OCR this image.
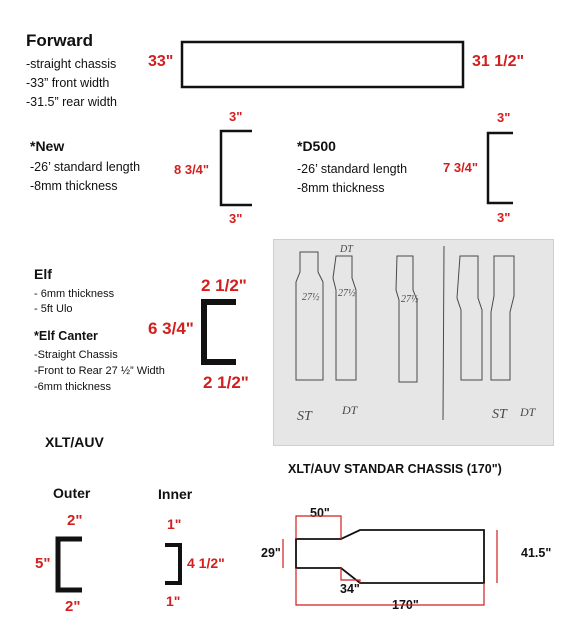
Forward
-straight chassis
-33” front width
-31.5” rear width
33"	31 1/2"
*New
-26’ standard length
-8mm thickness
3"
8 3/4"
3"
*D500
-26’ standard length
-8mm thickness
3"
7 3/4"
3"
Elf
- 6mm thickness
- 5ft Ulo
*Elf Canter
-Straight Chassis
-Front to Rear 27 ½” Width
-6mm thickness
2 1/2"
6 3/4"
2 1/2"
XLT/AUV
Outer	Inner
2"
5"
2"
1"
4 1/2"
1"
XLT/AUV STANDAR CHASSIS (170")
50"
29"
34"
170"
41.5"
27½
DT
27½
27½
ST	DT	ST DT
